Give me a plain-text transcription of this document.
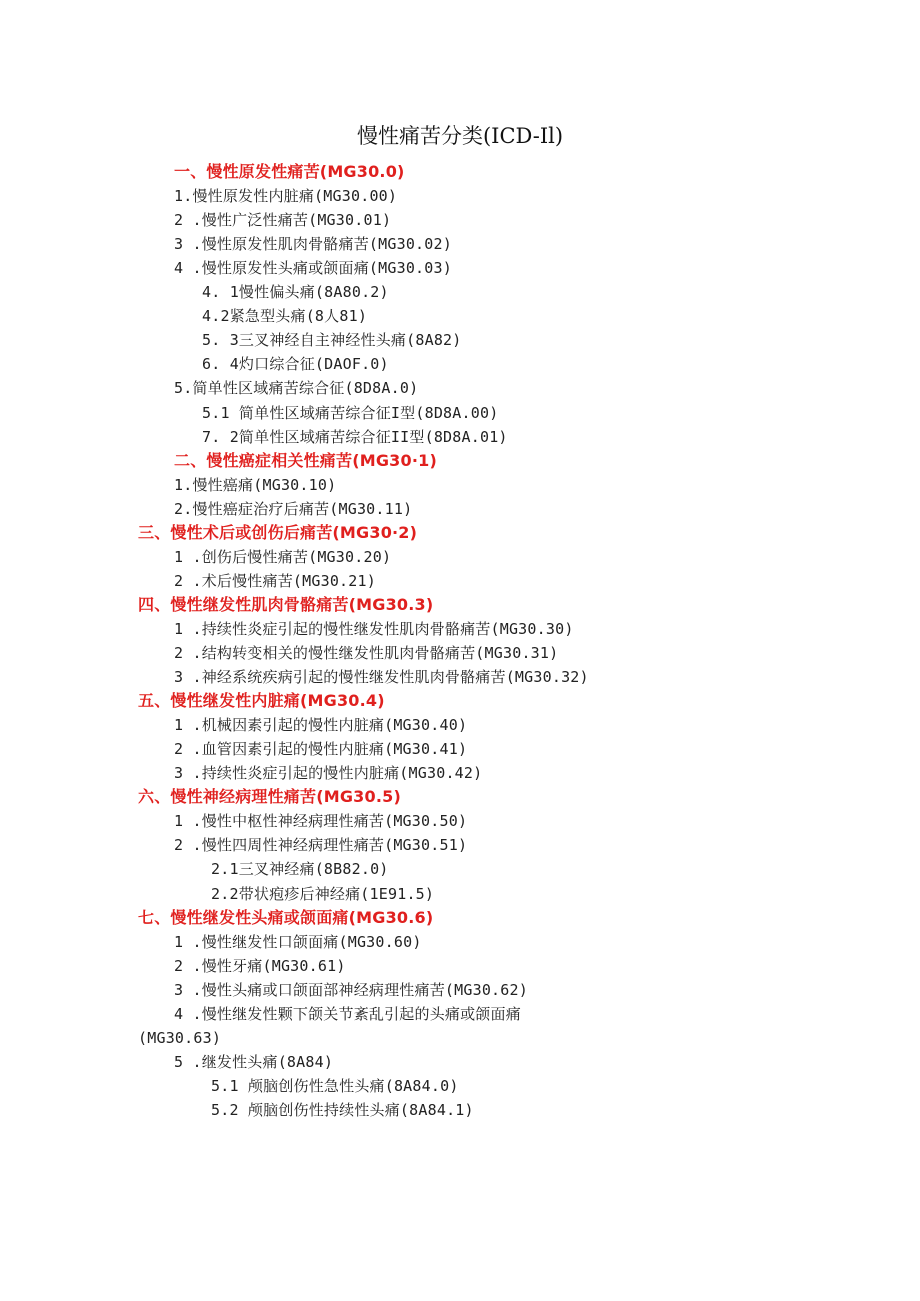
慢性痛苦分类(ICD-Il)
一、慢性原发性痛苦(MG30.0)
1.慢性原发性内脏痛(MG30.00)
2 .慢性广泛性痛苦(MG30.01)
3 .慢性原发性肌肉骨骼痛苦(MG30.02)
4 .慢性原发性头痛或颌面痛(MG30.03)
4. 1慢性偏头痛(8A80.2)
4.2紧急型头痛(8人81)
5. 3三叉神经自主神经性头痛(8A82)
6. 4灼口综合征(DAOF.0)
5.简单性区域痛苦综合征(8D8A.0)
5.1 简单性区域痛苦综合征I型(8D8A.00)
7. 2简单性区域痛苦综合征II型(8D8A.01)
二、慢性癌症相关性痛苦(MG30·1)
1.慢性癌痛(MG30.10)
2.慢性癌症治疗后痛苦(MG30.11)
三、慢性术后或创伤后痛苦(MG30·2)
1 .创伤后慢性痛苦(MG30.20)
2 .术后慢性痛苦(MG30.21)
四、慢性继发性肌肉骨骼痛苦(MG30.3)
1 .持续性炎症引起的慢性继发性肌肉骨骼痛苦(MG30.30)
2 .结构转变相关的慢性继发性肌肉骨骼痛苦(MG30.31)
3 .神经系统疾病引起的慢性继发性肌肉骨骼痛苦(MG30.32)
五、慢性继发性内脏痛(MG30.4)
1 .机械因素引起的慢性内脏痛(MG30.40)
2 .血管因素引起的慢性内脏痛(MG30.41)
3 .持续性炎症引起的慢性内脏痛(MG30.42)
六、慢性神经病理性痛苦(MG30.5)
1 .慢性中枢性神经病理性痛苦(MG30.50)
2 .慢性四周性神经病理性痛苦(MG30.51)
2.1三叉神经痛(8B82.0)
2.2带状疱疹后神经痛(1E91.5)
七、慢性继发性头痛或颌面痛(MG30.6)
1 .慢性继发性口颌面痛(MG30.60)
2 .慢性牙痛(MG30.61)
3 .慢性头痛或口颌面部神经病理性痛苦(MG30.62)
4 .慢性继发性颗下颌关节紊乱引起的头痛或颌面痛
(MG30.63)
5 .继发性头痛(8A84)
5.1 颅脑创伤性急性头痛(8A84.0)
5.2 颅脑创伤性持续性头痛(8A84.1)
